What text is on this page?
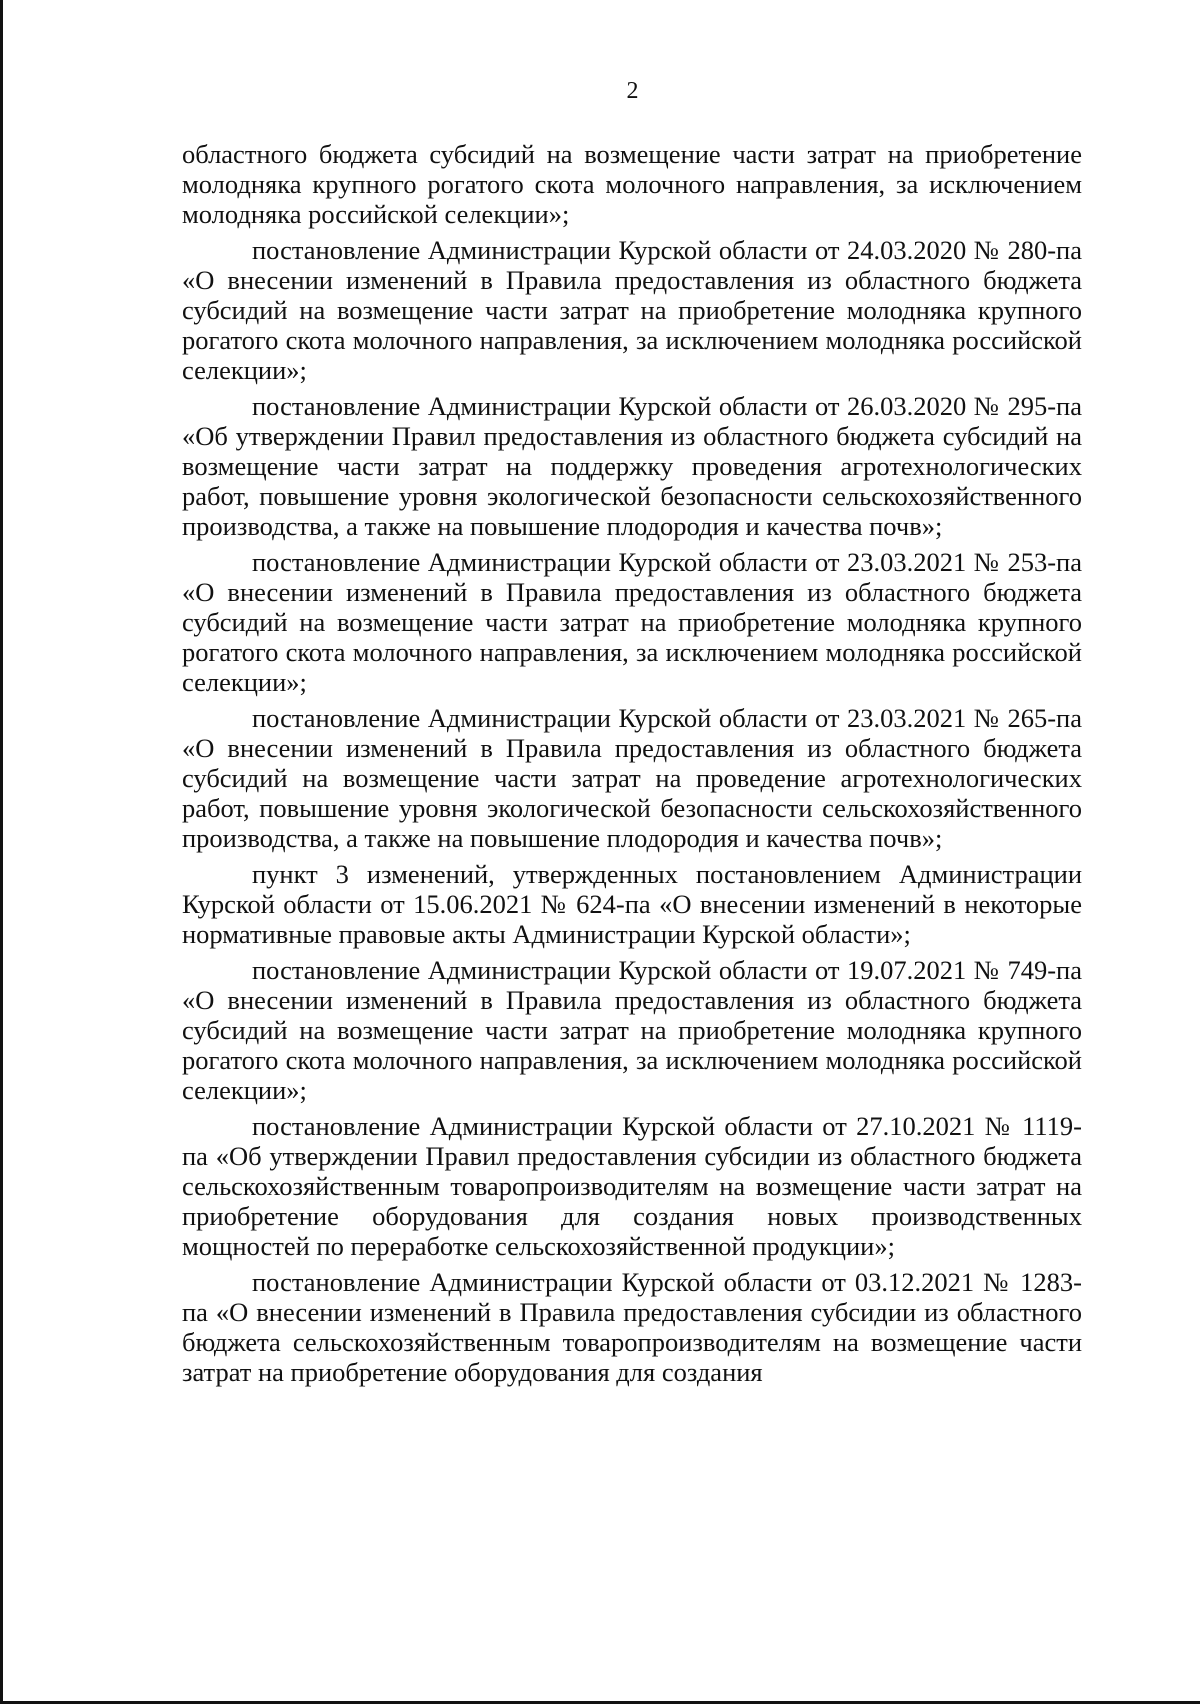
2

областного бюджета субсидий на возмещение части затрат на приобретение молодняка крупного рогатого скота молочного направления, за исключением молодняка российской селекции»;

постановление Администрации Курской области от 24.03.2020 № 280-па «О внесении изменений в Правила предоставления из областного бюджета субсидий на возмещение части затрат на приобретение молодняка крупного рогатого скота молочного направления, за исключением молодняка российской селекции»;

постановление Администрации Курской области от 26.03.2020 № 295-па «Об утверждении Правил предоставления из областного бюджета субсидий на возмещение части затрат на поддержку проведения агротехнологических работ, повышение уровня экологической безопасности сельскохозяйственного производства, а также на повышение плодородия и качества почв»;

постановление Администрации Курской области от 23.03.2021 № 253-па «О внесении изменений в Правила предоставления из областного бюджета субсидий на возмещение части затрат на приобретение молодняка крупного рогатого скота молочного направления, за исключением молодняка российской селекции»;

постановление Администрации Курской области от 23.03.2021 № 265-па «О внесении изменений в Правила предоставления из областного бюджета субсидий на возмещение части затрат на проведение агротехнологических работ, повышение уровня экологической безопасности сельскохозяйственного производства, а также на повышение плодородия и качества почв»;

пункт 3 изменений, утвержденных постановлением Администрации Курской области от 15.06.2021 № 624-па «О внесении изменений в некоторые нормативные правовые акты Администрации Курской области»;

постановление Администрации Курской области от 19.07.2021 № 749-па «О внесении изменений в Правила предоставления из областного бюджета субсидий на возмещение части затрат на приобретение молодняка крупного рогатого скота молочного направления, за исключением молодняка российской селекции»;

постановление Администрации Курской области от 27.10.2021 № 1119-па «Об утверждении Правил предоставления субсидии из областного бюджета сельскохозяйственным товаропроизводителям на возмещение части затрат на приобретение оборудования для создания новых производственных мощностей по переработке сельскохозяйственной продукции»;

постановление Администрации Курской области от 03.12.2021 № 1283-па «О внесении изменений в Правила предоставления субсидии из областного бюджета сельскохозяйственным товаропроизводителям на возмещение части затрат на приобретение оборудования для создания
